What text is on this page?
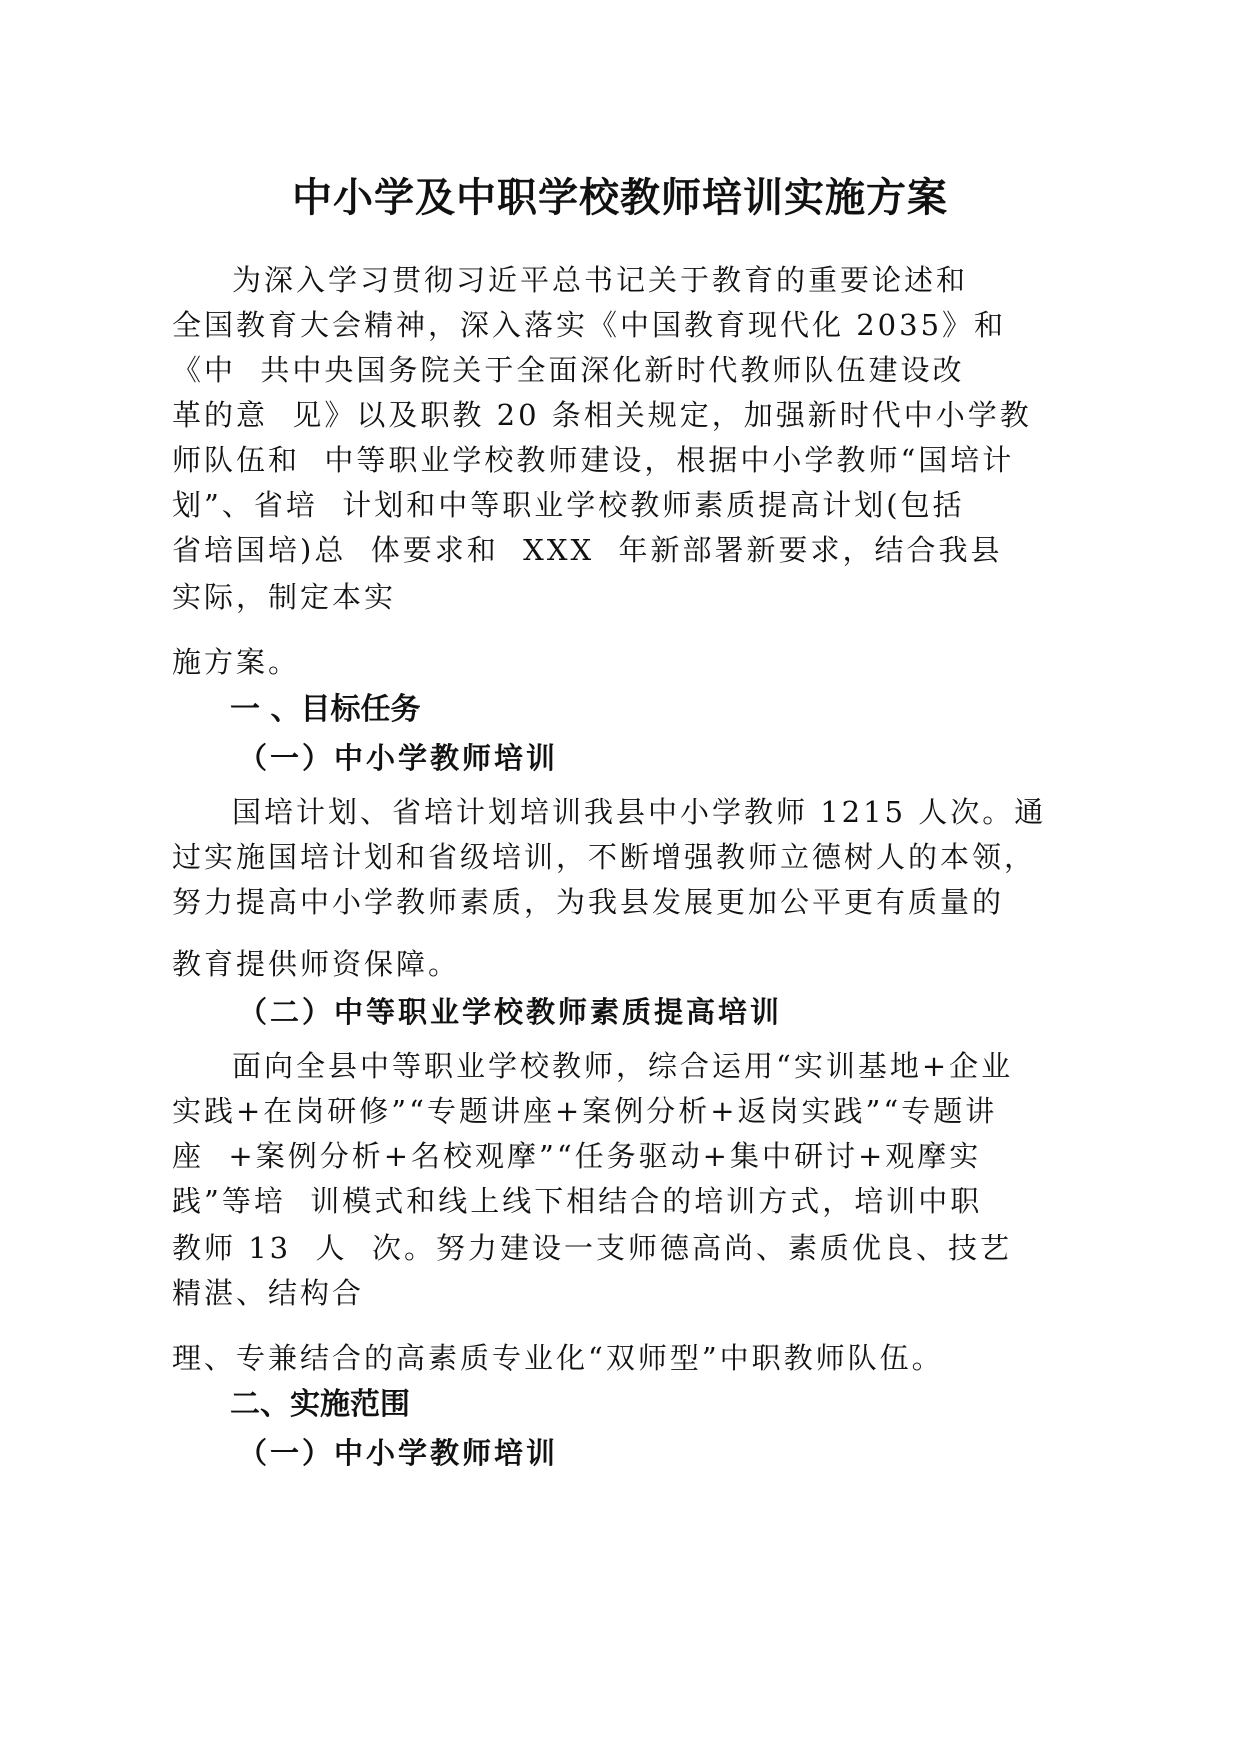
中小学及中职学校教师培训实施方案
为深入学习贯彻习近平总书记关于教育的重要论述和
全国教育大会精神，深入落实《中国教育现代化 2035》和
《中  共中央国务院关于全面深化新时代教师队伍建设改
革的意  见》以及职教 20 条相关规定，加强新时代中小学教
师队伍和  中等职业学校教师建设，根据中小学教师“国培计
划”、省培  计划和中等职业学校教师素质提高计划(包括
省培国培)总  体要求和  XXX  年新部署新要求，结合我县
实际，制定本实
施方案。
一 、目标任务
（一）中小学教师培训
国培计划、省培计划培训我县中小学教师 1215 人次。通
过实施国培计划和省级培训，不断增强教师立德树人的本领，
努力提高中小学教师素质，为我县发展更加公平更有质量的
教育提供师资保障。
（二）中等职业学校教师素质提高培训
面向全县中等职业学校教师，综合运用“实训基地+企业
实践+在岗研修”“专题讲座+案例分析+返岗实践”“专题讲
座  +案例分析+名校观摩”“任务驱动+集中研讨+观摩实
践”等培  训模式和线上线下相结合的培训方式，培训中职
教师 13  人  次。努力建设一支师德高尚、素质优良、技艺
精湛、结构合
理、专兼结合的高素质专业化“双师型”中职教师队伍。
二、实施范围
（一）中小学教师培训
